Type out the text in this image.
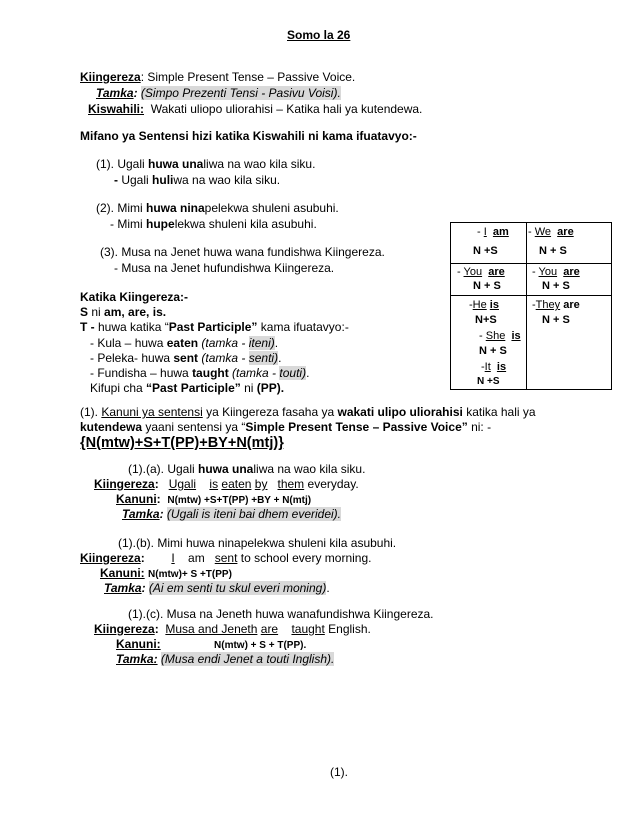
Somo la 26
Kiingereza: Simple Present Tense – Passive Voice.
Tamka: (Simpo Prezenti Tensi - Pasivu Voisi).
Kiswahili: Wakati uliopo uliorahisi – Katika hali ya kutendewa.
Mifano ya Sentensi hizi katika Kiswahili ni kama ifuatavyo:-
(1). Ugali huwa unaliwa na wao kila siku.
- Ugali huliwa na wao kila siku.
(2). Mimi huwa ninapelekwa shuleni asubuhi.
- Mimi hupelekwa shuleni kila asubuhi.
(3). Musa na Jenet huwa wana fundishwa Kiingereza.
- Musa na Jenet hufundishwa Kiingereza.
Katika Kiingereza:-
S ni am, are, is.
T - huwa katika “Past Participle” kama ifuatavyo:-
- Kula – huwa eaten (tamka - iteni).
- Peleka- huwa sent (tamka - senti).
- Fundisha – huwa taught (tamka - touti).
Kifupi cha “Past Participle” ni (PP).
- I am
N +S
- We are
N + S
- You are
N + S
- You are
N + S
-He is
N+S
-They are
N + S
- She is
N + S
-It is
N +S
(1). Kanuni ya sentensi ya Kiingereza fasaha ya wakati ulipo uliorahisi katika hali ya
kutendewa yaani sentensi ya “Simple Present Tense – Passive Voice” ni: -
{N(mtw)+S+T(PP)+BY+N(mtj)}
(1).(a). Ugali huwa unaliwa na wao kila siku.
Kiingereza: Ugali is eaten by them everyday.
Kanuni: N(mtw) +S+T(PP) +BY + N(mtj)
Tamka: (Ugali is iteni bai dhem everidei).
(1).(b). Mimi huwa ninapelekwa shuleni kila asubuhi.
Kiingereza: I am sent to school every morning.
Kanuni: N(mtw)+ S +T(PP)
Tamka: (Ai em senti tu skul everi moning).
(1).(c). Musa na Jeneth huwa wanafundishwa Kiingereza.
Kiingereza: Musa and Jeneth are taught English.
Kanuni:	N(mtw) + S + T(PP).
Tamka: (Musa endi Jenet a touti Inglish).
(1).
